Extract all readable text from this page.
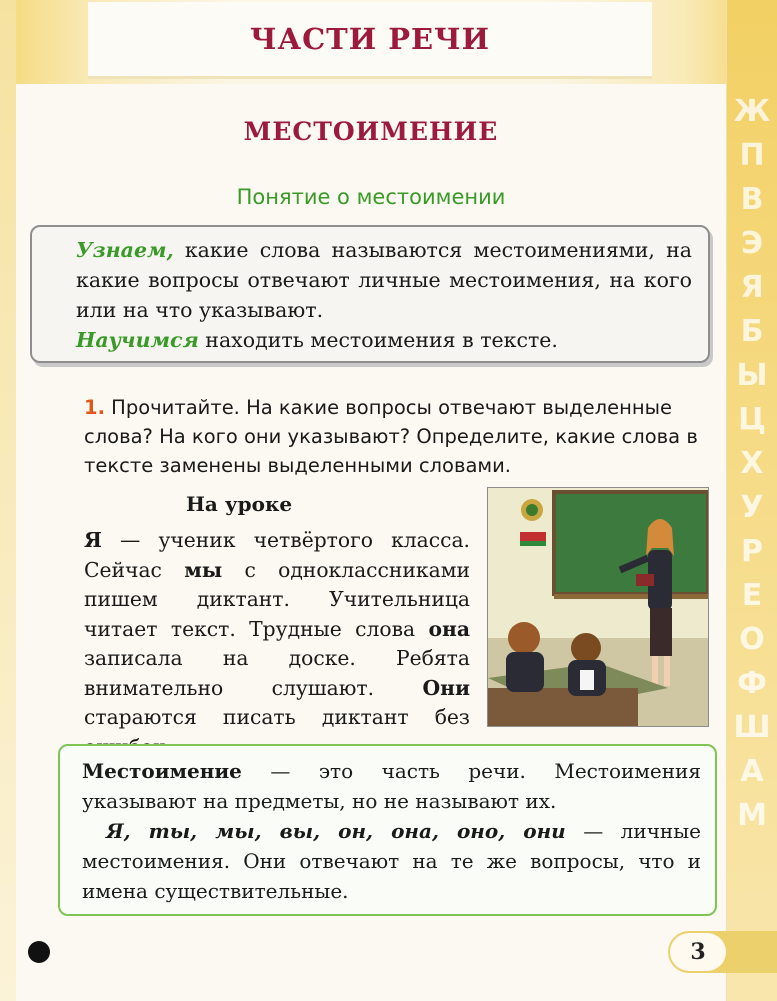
Ж
П
В
Э
Я
Б
Ы
Ц
Х
У
Р
Е
О
Ф
Ш
А
М
ЧАСТИ РЕЧИ
МЕСТОИМЕНИЕ
Понятие о местоимении

Узнаем, какие слова называются местоимениями, на какие вопросы отвечают личные местоимения, на кого или на что указывают.

Научимся находить местоимения в тексте.

1. Прочитайте. На какие вопросы отвечают выделенные слова? На кого они указывают? Определите, какие слова в тексте заменены выделенными словами.

На уроке

Я — ученик четвёртого класса. Сейчас мы с одноклассниками пишем диктант. Учительница читает текст. Трудные слова она записала на доске. Ребята внимательно слушают. Они стараются писать диктант без

Местоимение — это часть речи. Местоимения указывают на предметы, но не называют их.

Я, ты, мы, вы, он, она, оно, они — личные местоимения. Они отвечают на те же вопросы, что и имена существительные.

3
